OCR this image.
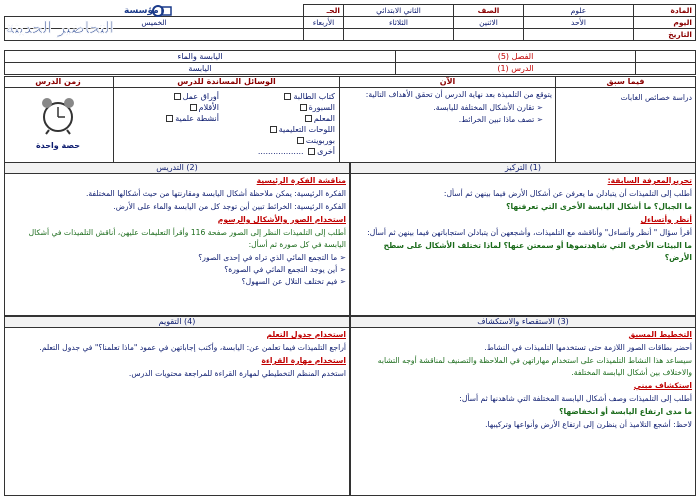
مؤسسة
التحاضير الحديثة
المادة	علوم	الصف	الثاني الابتدائي	الحـ	
اليوم	الأحد	الاثنين	الثلاثاء	الأربعاء	الخميس
التاريخ					
	الفصل (5)	اليابسة والماء
	الدرس (1)	اليابسة
فيما سبق

دراسة خصائص الغابات

الآن

يتوقع من التلميذة بعد نهاية الدرس أن تحقق الأهداف التالية:

➢ تقارن الأشكال المختلفة لليابسة.
➢ تصف ماذا تبين الخرائط.
الوسائل المساندة للدرس
كتاب الطالبة
السبورة
المعلم
اللوحات التعليمية
بوربوينت
أخرى ..................
أوراق عمل
الأقلام
أنشطة علمية
زمن الدرس
حصة واحدة
(1) التركيز

تحريرالمعرفة السابقة:

أطلب إلى التلميذات أن يتبادلن ما يعرفن عن أشكال الأرض فيما بينهن ثم أسأل:

ما الجبال؟ ما أشكال اليابسة الأخرى التي تعرفنها؟

أنظر وأتساءل

أقرأ سؤال " أنظر وأتساءل" وأناقشه مع التلميذات، وأشجعهن أن يتبادلن استجاباتهن فيما بينهن ثم أسأل:

ما البيئات الأخرى التي شاهدتموها أو سمعتن عنها؟ لماذا تختلف الأشكال على سطح الأرض؟

(2) التدريس

مناقشة الفكرة الرئيسية

الفكرة الرئيسية: يمكن ملاحظة أشكال اليابسة ومقارنتها من حيث أشكالها المختلفة.

الفكرة الرئيسية: الخرائط تبين أين توجد كل من اليابسة والماء على الأرض.

استخدام الصور والأشكال والرسوم

أطلب إلى التلميذات النظر إلى الصور صفحة 116 وأقرأ التعليمات عليهن، أناقش التلميذات في أشكال اليابسة في كل صورة ثم أسأل:

➢ ما التجمع المائي الذي تراه في إحدى الصور؟
➢ أين يوجد التجمع المائي في الصورة؟
➢ فيم تختلف التلال عن السهول؟
(3) الاستقصاء والاستكشاف

التخطيط المسبق

أحضر بطاقات الصور اللازمة حتى تستخدمها التلميذات في النشاط.

سيساعد هذا النشاط التلميذات على استخدام مهاراتهن في الملاحظة والتصنيف لمناقشة أوجه التشابه والاختلاف بين أشكال اليابسة المختلفة.

استكشاف مبني

أطلب إلى التلميذات وصف أشكال اليابسة المختلفة التي شاهدنها ثم أسأل:

ما مدى ارتفاع اليابسة أو انخفاضها؟

لاحظ: أشجع التلاميذ أن ينظرن إلى ارتفاع الأرض وأنواعها وتركيبها.

(4) التقويم

استخدام جدول التعلم

أراجع التلميذات فيما تعلمن عن: اليابسة، وأكتب إجاباتهن في عمود "ماذا تعلمنا؟" في جدول التعلم.

استخدام مهارة القراءة

استخدم المنظم التخطيطي لمهارة القراءة للمراجعة محتويات الدرس.
